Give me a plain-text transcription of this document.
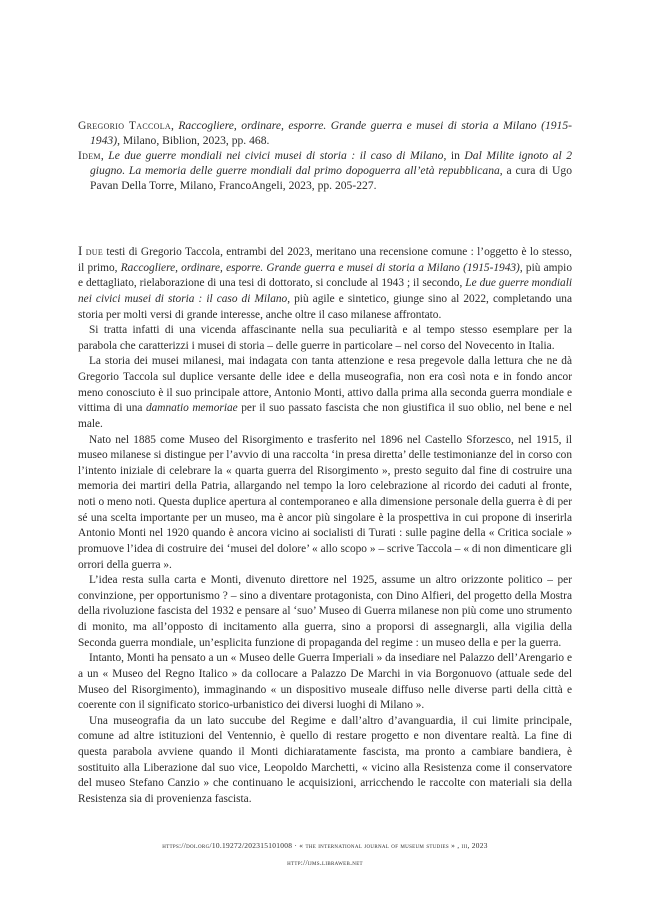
Gregorio Taccola, Raccogliere, ordinare, esporre. Grande guerra e musei di storia a Milano (1915-1943), Milano, Biblion, 2023, pp. 468.

Idem, Le due guerre mondiali nei civici musei di storia : il caso di Milano, in Dal Milite ignoto al 2 giugno. La memoria delle guerre mondiali dal primo dopoguerra all’età repubblicana, a cura di Ugo Pavan Della Torre, Milano, FrancoAngeli, 2023, pp. 205-227.

I due testi di Gregorio Taccola, entrambi del 2023, meritano una recensione comune : l’oggetto è lo stesso, il primo, Raccogliere, ordinare, esporre. Grande guerra e musei di storia a Milano (1915-1943), più ampio e dettagliato, rielaborazione di una tesi di dottorato, si conclude al 1943 ; il secondo, Le due guerre mondiali nei civici musei di storia : il caso di Milano, più agile e sintetico, giunge sino al 2022, completando una storia per molti versi di grande interesse, anche oltre il caso milanese affrontato.

Si tratta infatti di una vicenda affascinante nella sua peculiarità e al tempo stesso esemplare per la parabola che caratterizzi i musei di storia – delle guerre in particolare – nel corso del Novecento in Italia.

La storia dei musei milanesi, mai indagata con tanta attenzione e resa pregevole dalla lettura che ne dà Gregorio Taccola sul duplice versante delle idee e della museografia, non era così nota e in fondo ancor meno conosciuto è il suo principale attore, Antonio Monti, attivo dalla prima alla seconda guerra mondiale e vittima di una damnatio memoriae per il suo passato fascista che non giustifica il suo oblio, nel bene e nel male.

Nato nel 1885 come Museo del Risorgimento e trasferito nel 1896 nel Castello Sforzesco, nel 1915, il museo milanese si distingue per l’avvio di una raccolta ‘in presa diretta’ delle testimonianze del in corso con l’intento iniziale di celebrare la « quarta guerra del Risorgimento », presto seguito dal fine di costruire una memoria dei martiri della Patria, allargando nel tempo la loro celebrazione al ricordo dei caduti al fronte, noti o meno noti. Questa duplice apertura al contemporaneo e alla dimensione personale della guerra è di per sé una scelta importante per un museo, ma è ancor più singolare è la prospettiva in cui propone di inserirla Antonio Monti nel 1920 quando è ancora vicino ai socialisti di Turati : sulle pagine della « Critica sociale » promuove l’idea di costruire dei ‘musei del dolore’ « allo scopo » – scrive Taccola – « di non dimenticare gli orrori della guerra ».

L’idea resta sulla carta e Monti, divenuto direttore nel 1925, assume un altro orizzonte politico – per convinzione, per opportunismo ? – sino a diventare protagonista, con Dino Alfieri, del progetto della Mostra della rivoluzione fascista del 1932 e pensare al ‘suo’ Museo di Guerra milanese non più come uno strumento di monito, ma all’opposto di incitamento alla guerra, sino a proporsi di assegnargli, alla vigilia della Seconda guerra mondiale, un’esplicita funzione di propaganda del regime : un museo della e per la guerra.

Intanto, Monti ha pensato a un « Museo delle Guerra Imperiali » da insediare nel Palazzo dell’Arengario e a un « Museo del Regno Italico » da collocare a Palazzo De Marchi in via Borgonuovo (attuale sede del Museo del Risorgimento), immaginando « un dispositivo museale diffuso nelle diverse parti della città e coerente con il significato storico-urbanistico dei diversi luoghi di Milano ».

Una museografia da un lato succube del Regime e dall’altro d’avanguardia, il cui limite principale, comune ad altre istituzioni del Ventennio, è quello di restare progetto e non diventare realtà. La fine di questa parabola avviene quando il Monti dichiaratamente fascista, ma pronto a cambiare bandiera, è sostituito alla Liberazione dal suo vice, Leopoldo Marchetti, « vicino alla Resistenza come il conservatore del museo Stefano Canzio » che continuano le acquisizioni, arricchendo le raccolte con materiali sia della Resistenza sia di provenienza fascista.

https://doi.org/10.19272/202315101008 · « the international journal of museum studies » , iii, 2023
http://ijms.libraweb.net
